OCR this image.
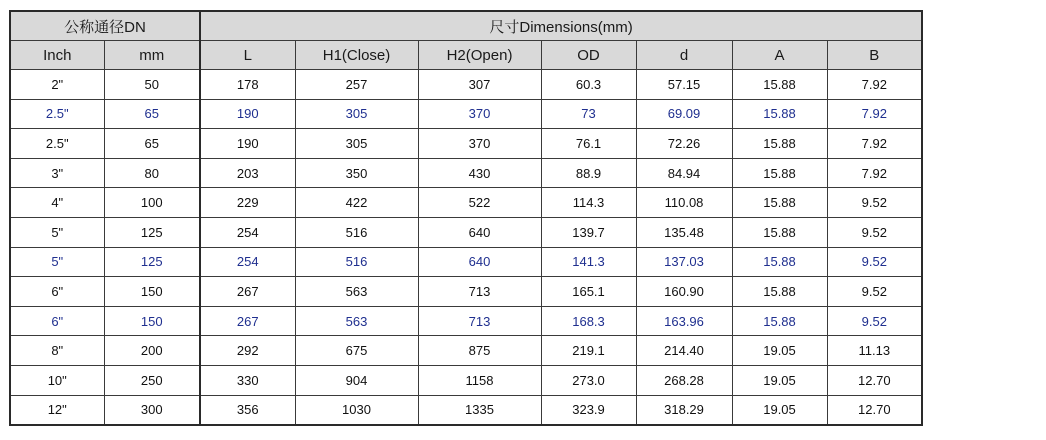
公称通径DN		尺寸Dimensions(mm)						
Inch	mm	L	H1(Close)	H2(Open)	OD	d	A	B
2"	50	178	257	307	60.3	57.15	15.88	7.92
2.5"	65	190	305	370	73	69.09	15.88	7.92
2.5"	65	190	305	370	76.1	72.26	15.88	7.92
3"	80	203	350	430	88.9	84.94	15.88	7.92
4"	100	229	422	522	114.3	110.08	15.88	9.52
5"	125	254	516	640	139.7	135.48	15.88	9.52
5"	125	254	516	640	141.3	137.03	15.88	9.52
6"	150	267	563	713	165.1	160.90	15.88	9.52
6"	150	267	563	713	168.3	163.96	15.88	9.52
8"	200	292	675	875	219.1	214.40	19.05	11.13
10"	250	330	904	1158	273.0	268.28	19.05	12.70
12"	300	356	1030	1335	323.9	318.29	19.05	12.70
